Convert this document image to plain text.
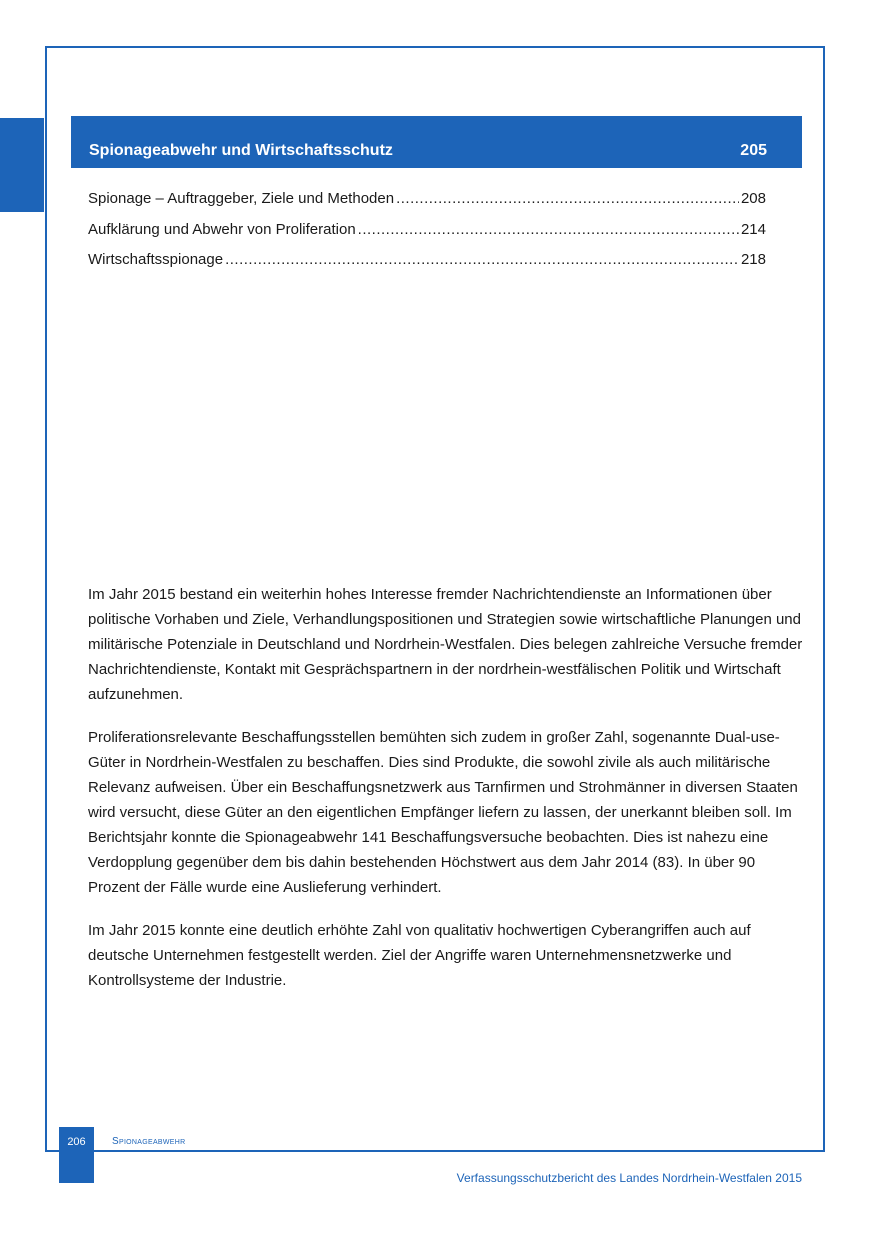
Spionageabwehr und Wirtschaftsschutz	205
Spionage – Auftraggeber, Ziele und Methoden .....	208
Aufklärung und Abwehr von Proliferation .....	214
Wirtschaftsspionage .....	218

Im Jahr 2015 bestand ein weiterhin hohes Interesse fremder Nachrichtendienste an Informationen über politische Vorhaben und Ziele, Verhandlungspositionen und Strategien sowie wirtschaftliche Planungen und militärische Potenziale in Deutschland und Nordrhein-Westfalen. Dies belegen zahlreiche Versuche fremder Nachrichtendienste, Kontakt mit Gesprächspartnern in der nordrhein-westfälischen Politik und Wirtschaft aufzunehmen.

Proliferationsrelevante Beschaffungsstellen bemühten sich zudem in großer Zahl, sogenannte Dual-use-Güter in Nordrhein-Westfalen zu beschaffen. Dies sind Produkte, die sowohl zivile als auch militärische Relevanz aufweisen. Über ein Beschaffungsnetzwerk aus Tarnfirmen und Strohmänner in diversen Staaten wird versucht, diese Güter an den eigentlichen Empfänger liefern zu lassen, der unerkannt bleiben soll. Im Berichtsjahr konnte die Spionageabwehr 141 Beschaffungsversuche beobachten. Dies ist nahezu eine Verdopplung gegenüber dem bis dahin bestehenden Höchstwert aus dem Jahr 2014 (83). In über 90 Prozent der Fälle wurde eine Auslieferung verhindert.

Im Jahr 2015 konnte eine deutlich erhöhte Zahl von qualitativ hochwertigen Cyberangriffen auch auf deutsche Unternehmen festgestellt werden. Ziel der Angriffe waren Unternehmensnetzwerke und Kontrollsysteme der Industrie.

206	Spionageabwehr
Verfassungsschutzbericht des Landes Nordrhein-Westfalen 2015
